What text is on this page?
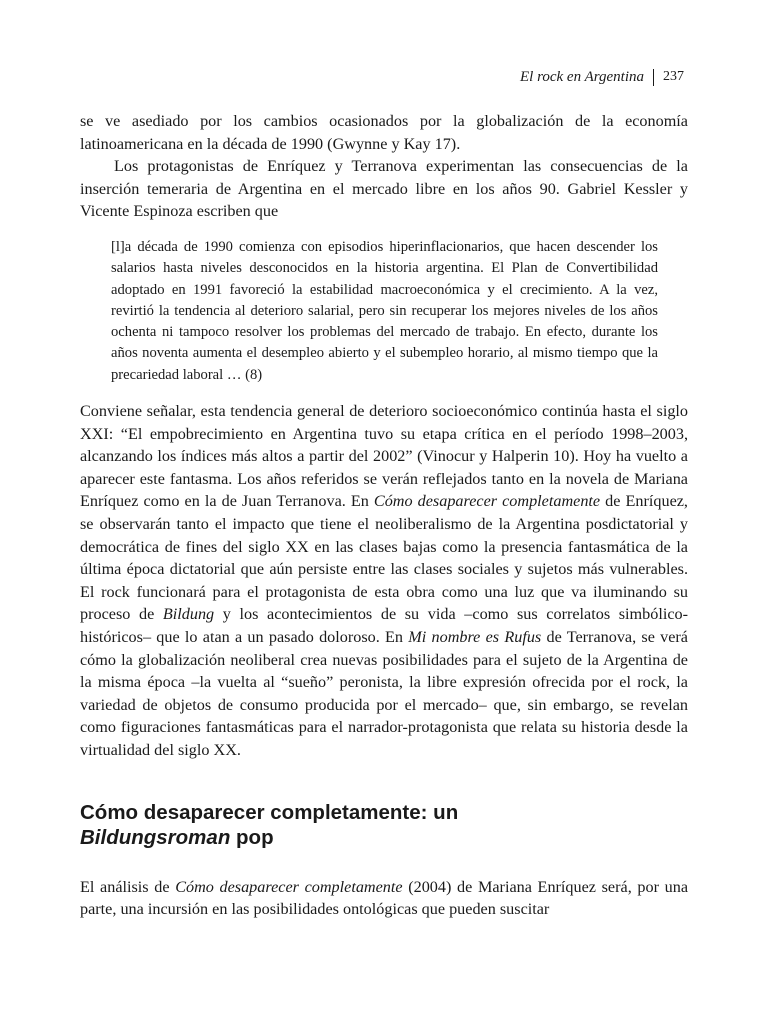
El rock en Argentina 237

se ve asediado por los cambios ocasionados por la globalización de la economía latinoamericana en la década de 1990 (Gwynne y Kay 17).

Los protagonistas de Enríquez y Terranova experimentan las consecuencias de la inserción temeraria de Argentina en el mercado libre en los años 90. Gabriel Kessler y Vicente Espinoza escriben que

[l]a década de 1990 comienza con episodios hiperinflacionarios, que hacen descender los salarios hasta niveles desconocidos en la historia argentina. El Plan de Convertibilidad adoptado en 1991 favoreció la estabilidad macroeconómica y el crecimiento. A la vez, revirtió la tendencia al deterioro salarial, pero sin recuperar los mejores niveles de los años ochenta ni tampoco resolver los problemas del mercado de trabajo. En efecto, durante los años noventa aumenta el desempleo abierto y el subempleo horario, al mismo tiempo que la precariedad laboral … (8)

Conviene señalar, esta tendencia general de deterioro socioeconómico continúa hasta el siglo XXI: “El empobrecimiento en Argentina tuvo su etapa crítica en el período 1998–2003, alcanzando los índices más altos a partir del 2002” (Vinocur y Halperin 10). Hoy ha vuelto a aparecer este fantasma. Los años referidos se verán reflejados tanto en la novela de Mariana Enríquez como en la de Juan Terranova. En Cómo desaparecer completamente de Enríquez, se observarán tanto el impacto que tiene el neoliberalismo de la Argentina posdictatorial y democrática de fines del siglo XX en las clases bajas como la presencia fantasmática de la última época dictatorial que aún persiste entre las clases sociales y sujetos más vulnerables. El rock funcionará para el protagonista de esta obra como una luz que va iluminando su proceso de Bildung y los acontecimientos de su vida –como sus correlatos simbólico-históricos– que lo atan a un pasado doloroso. En Mi nombre es Rufus de Terranova, se verá cómo la globalización neoliberal crea nuevas posibilidades para el sujeto de la Argentina de la misma época –la vuelta al “sueño” peronista, la libre expresión ofrecida por el rock, la variedad de objetos de consumo producida por el mercado– que, sin embargo, se revelan como figuraciones fantasmáticas para el narrador-protagonista que relata su historia desde la virtualidad del siglo XX.

Cómo desaparecer completamente: un
Bildungsroman pop

El análisis de Cómo desaparecer completamente (2004) de Mariana Enríquez será, por una parte, una incursión en las posibilidades ontológicas que pueden suscitar
